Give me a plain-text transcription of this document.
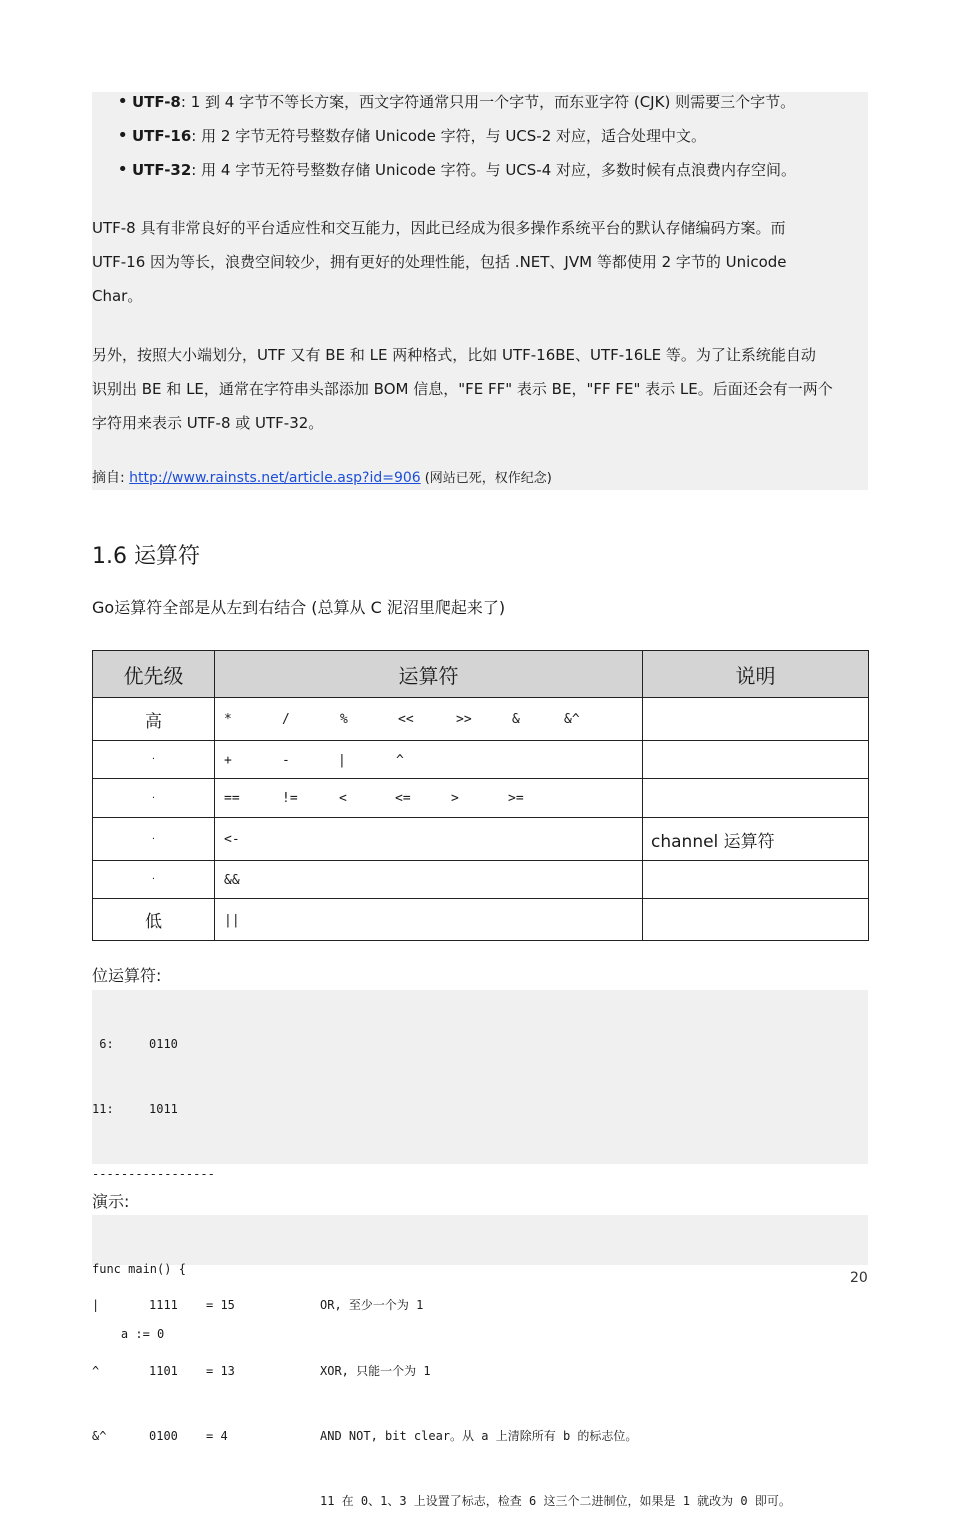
• UTF-8: 1 到 4 字节不等长方案，西文字符通常只用一个字节，而东亚字符 (CJK) 则需要三个字节。
• UTF-16: 用 2 字节无符号整数存储 Unicode 字符，与 UCS-2 对应，适合处理中文。
• UTF-32: 用 4 字节无符号整数存储 Unicode 字符。与 UCS-4 对应，多数时候有点浪费内存空间。
UTF-8 具有非常良好的平台适应性和交互能力，因此已经成为很多操作系统平台的默认存储编码方案。而
UTF-16 因为等长，浪费空间较少，拥有更好的处理性能，包括 .NET、JVM 等都使用 2 字节的 Unicode
Char。
另外，按照大小端划分，UTF 又有 BE 和 LE 两种格式，比如 UTF-16BE、UTF-16LE 等。为了让系统能自动
识别出 BE 和 LE，通常在字符串头部添加 BOM 信息，"FE FF" 表示 BE，"FF FE" 表示 LE。后面还会有一两个
字符用来表示 UTF-8 或 UTF-32。
摘自: http://www.rainsts.net/article.asp?id=906 (网站已死，权作纪念)
1.6 运算符

Go运算符全部是从左到右结合 (总算从 C 泥沼里爬起来了)

优先级	运算符	说明
高	* / % << >> & &^	
·	+ - | ^	
·	== != < <= > >=	
·	<-	channel 运算符
·	&&	
低	||	

位运算符:

6:	0110

11:	1011

-----------------

|	1111 = 15	OR, 至少一个为 1

^	1101 = 13	XOR, 只能一个为 1

&^	0100 = 4	AND NOT, bit clear。从 a 上清除所有 b 的标志位。

11 在 0、1、3 上设置了标志，检查 6 这三个二进制位，如果是 1 就改为 0 即可。

演示:

func main() {

a := 0

20
